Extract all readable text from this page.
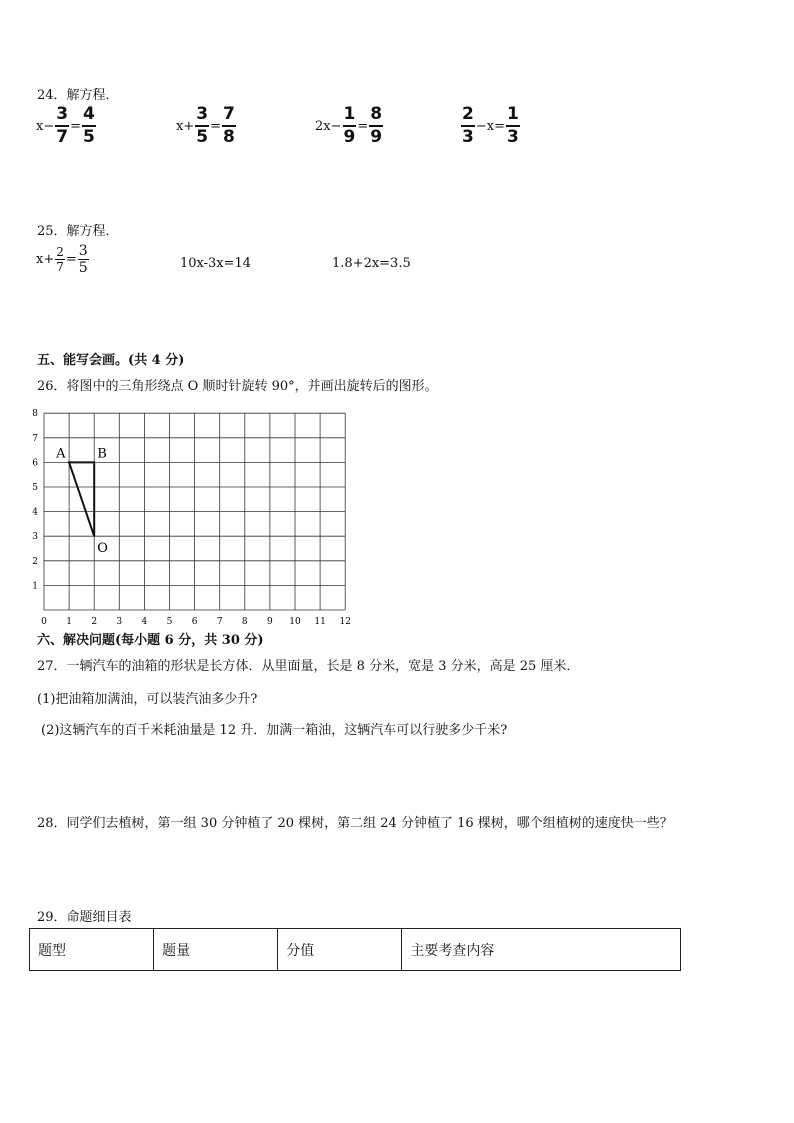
24．解方程．
$x- \frac{3}{7} = \frac{4}{5}$	$x+ \frac{3}{5} = \frac{7}{8}$	$2x- \frac{1}{9} = \frac{8}{9}$	$\frac{2}{3} -x= \frac{1}{3}$
25．解方程．
$x+ \frac{2}{7} = \frac{3}{5}$	10x-3x=14	1.8+2x=3.5
五、能写会画。(共 4 分)
26．将图中的三角形绕点 O 顺时针旋转 90°，并画出旋转后的图形。
0 1 2 3 4 5 6 7 8 9 10 11 12
1
2
3
4
5
6
7
8
A B
O
六、解决问题(每小题 6 分，共 30 分)
27．一辆汽车的油箱的形状是长方体．从里面量，长是 8 分米，宽是 3 分米，高是 25 厘米．
(1)把油箱加满油，可以装汽油多少升?
(2)这辆汽车的百千米耗油量是 12 升．加满一箱油，这辆汽车可以行驶多少千米?
28．同学们去植树，第一组 30 分钟植了 20 棵树，第二组 24 分钟植了 16 棵树，哪个组植树的速度快一些？
29．命题细目表
题型	题量	分值	主要考查内容
